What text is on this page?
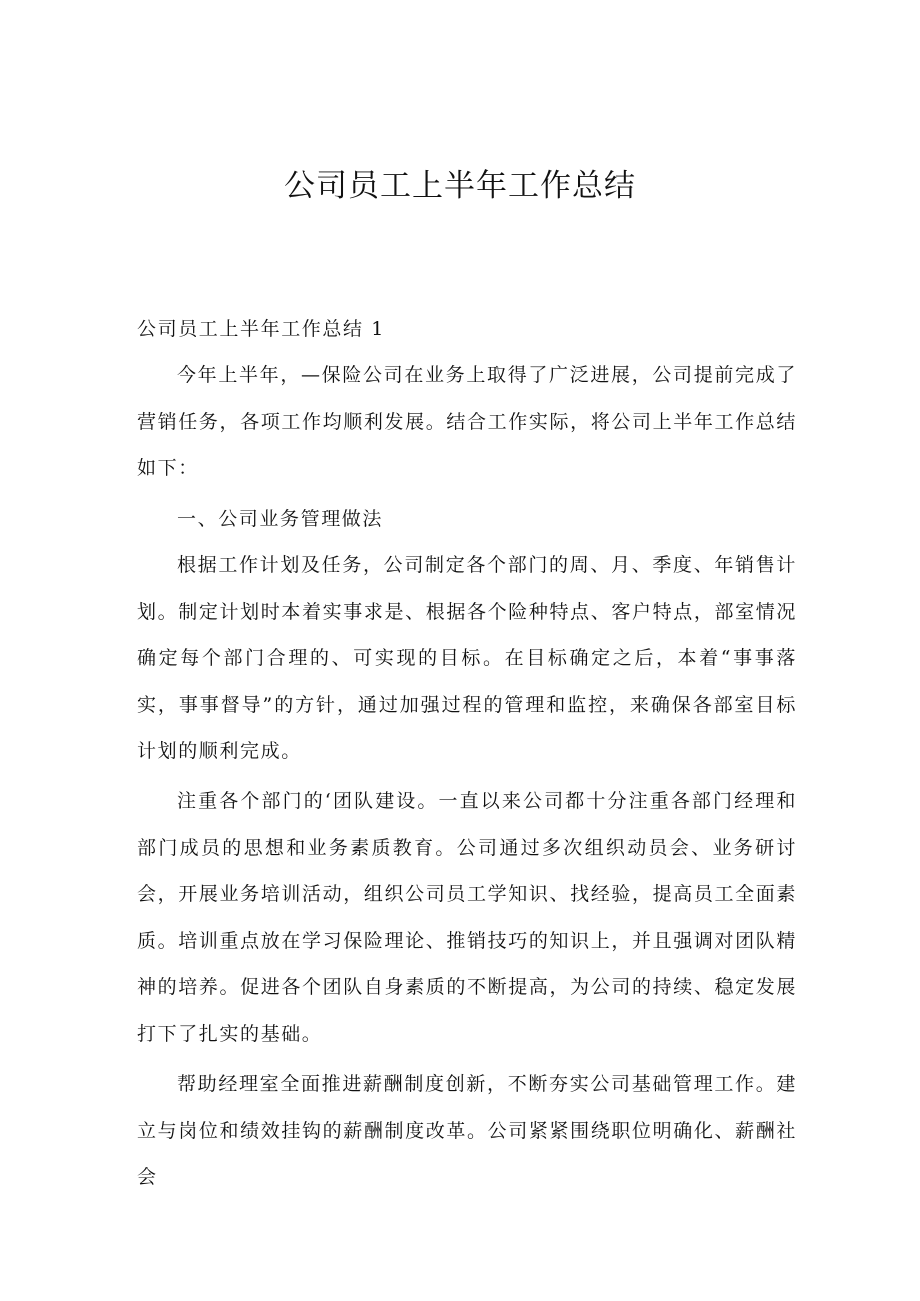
公司员工上半年工作总结

公司员工上半年工作总结 1

今年上半年，—保险公司在业务上取得了广泛进展，公司提前完成了营销任务，各项工作均顺利发展。结合工作实际，将公司上半年工作总结如下：

一、公司业务管理做法

根据工作计划及任务，公司制定各个部门的周、月、季度、年销售计划。制定计划时本着实事求是、根据各个险种特点、客户特点，部室情况确定每个部门合理的、可实现的目标。在目标确定之后，本着“事事落实，事事督导”的方针，通过加强过程的管理和监控，来确保各部室目标计划的顺利完成。

注重各个部门的‘团队建设。一直以来公司都十分注重各部门经理和部门成员的思想和业务素质教育。公司通过多次组织动员会、业务研讨会，开展业务培训活动，组织公司员工学知识、找经验，提高员工全面素质。培训重点放在学习保险理论、推销技巧的知识上，并且强调对团队精神的培养。促进各个团队自身素质的不断提高，为公司的持续、稳定发展打下了扎实的基础。

帮助经理室全面推进薪酬制度创新，不断夯实公司基础管理工作。建立与岗位和绩效挂钩的薪酬制度改革。公司紧紧围绕职位明确化、薪酬社会
